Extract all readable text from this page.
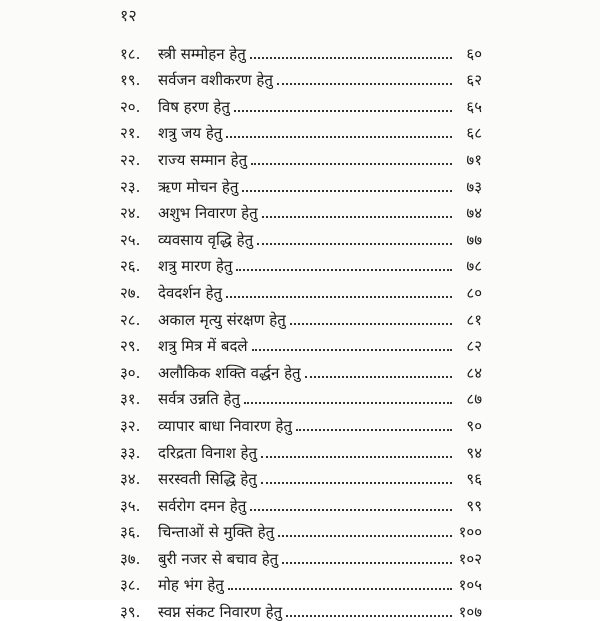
१२
१८.	स्त्री सम्मोहन हेतु	६०
१९.	सर्वजन वशीकरण हेतु	६२
२०.	विष हरण हेतु	६५
२१.	शत्रु जय हेतु	६८
२२.	राज्य सम्मान हेतु	७१
२३.	ऋण मोचन हेतु	७३
२४.	अशुभ निवारण हेतु	७४
२५.	व्यवसाय वृद्धि हेतु	७७
२६.	शत्रु मारण हेतु	७८
२७.	देवदर्शन हेतु	८०
२८.	अकाल मृत्यु संरक्षण हेतु	८१
२९.	शत्रु मित्र में बदले	८२
३०.	अलौकिक शक्ति वर्द्धन हेतु	८४
३१.	सर्वत्र उन्नति हेतु	८७
३२.	व्यापार बाधा निवारण हेतु	९०
३३.	दरिद्रता विनाश हेतु	९४
३४.	सरस्वती सिद्धि हेतु	९६
३५.	सर्वरोग दमन हेतु	९९
३६.	चिन्ताओं से मुक्ति हेतु	१००
३७.	बुरी नजर से बचाव हेतु	१०२
३८.	मोह भंग हेतु	१०५
३९.	स्वप्न संकट निवारण हेतु	१०७
